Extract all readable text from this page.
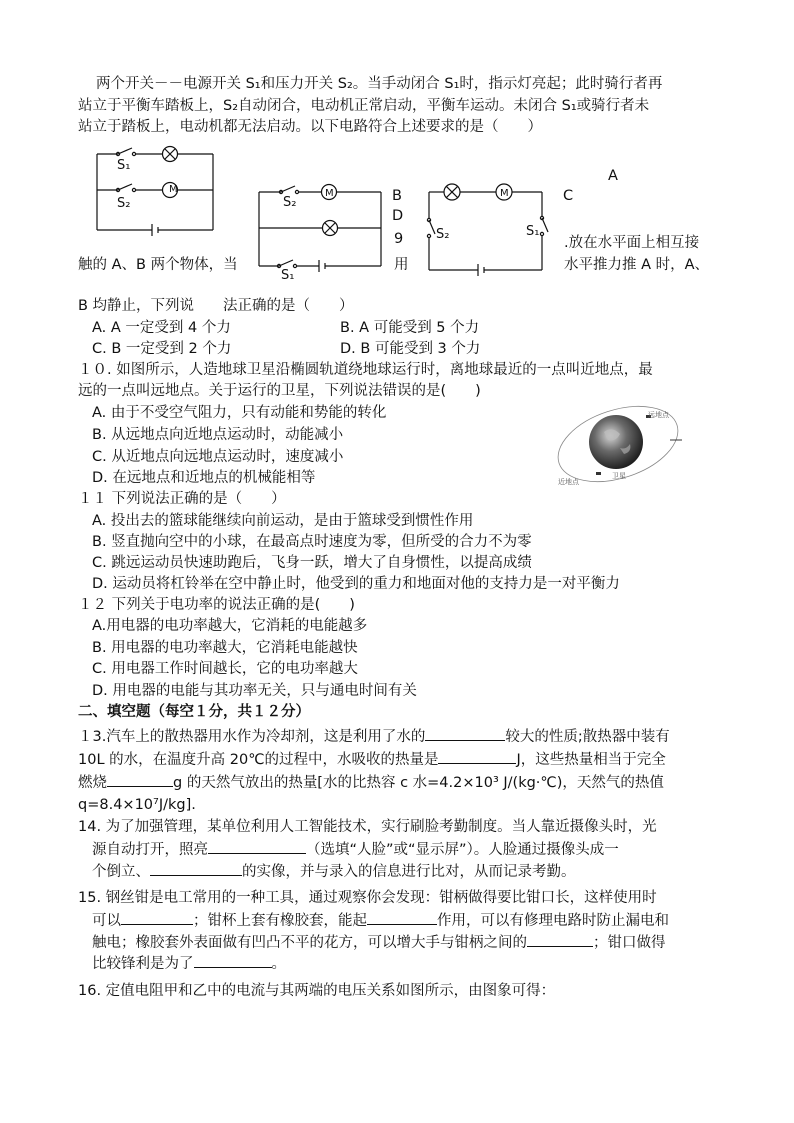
两个开关－－电源开关 S₁和压力开关 S₂。当手动闭合 S₁时，指示灯亮起；此时骑行者再
站立于平衡车踏板上，S₂自动闭合，电动机正常启动，平衡车运动。未闭合 S₁或骑行者未
站立于踏板上，电动机都无法启动。以下电路符合上述要求的是（　　）
M
S₁
S₂
M
S₂
S₁
B
D
9
M
S₂	S₁
C
A
.放在水平面上相互接
触的 A、B 两个物体，当	用	水平推力推 A 时，A、
B 均静止，下列说　　法正确的是（　　）
A. A 一定受到 4 个力	B. A 可能受到 5 个力
C. B 一定受到 2 个力	D. B 可能受到 3 个力
１０. 如图所示，人造地球卫星沿椭圆轨道绕地球运行时，离地球最近的一点叫近地点，最
远的一点叫远地点。关于运行的卫星，下列说法错误的是(　　)
A. 由于不受空气阻力，只有动能和势能的转化
B. 从远地点向近地点运动时，动能减小
C. 从近地点向远地点运动时，速度减小
D. 在远地点和近地点的机械能相等
远地点
近地点
卫星
１１ 下列说法正确的是（　　）
A. 投出去的篮球能继续向前运动，是由于篮球受到惯性作用
B. 竖直抛向空中的小球，在最高点时速度为零，但所受的合力不为零
C. 跳远运动员快速助跑后，飞身一跃，增大了自身惯性，以提高成绩
D. 运动员将杠铃举在空中静止时，他受到的重力和地面对他的支持力是一对平衡力
１２ 下列关于电功率的说法正确的是(　　)
A.用电器的电功率越大，它消耗的电能越多
B. 用电器的电功率越大，它消耗电能越快
C. 用电器工作时间越长，它的电功率越大
D. 用电器的电能与其功率无关，只与通电时间有关
二、填空题（每空１分，共１２分）
１3.汽车上的散热器用水作为冷却剂，这是利用了水的	较大的性质;散热器中装有
10L 的水，在温度升高 20℃的过程中，水吸收的热量是	J，这些热量相当于完全
燃烧	g 的天然气放出的热量[水的比热容 c 水=4.2×10³ J/(kg·℃)，天然气的热值
q=8.4×10⁷J/kg].
14. 为了加强管理，某单位利用人工智能技术，实行刷脸考勤制度。当人靠近摄像头时，光
源自动打开，照亮	（选填“人脸”或“显示屏”）。人脸通过摄像头成一
个倒立、	的实像，并与录入的信息进行比对，从而记录考勤。
15. 钢丝钳是电工常用的一种工具，通过观察你会发现：钳柄做得要比钳口长，这样使用时
可以	；钳杯上套有橡胶套，能起	作用，可以有修理电路时防止漏电和
触电；橡胶套外表面做有凹凸不平的花方，可以增大手与钳柄之间的	；钳口做得
比较锋利是为了	。
16. 定值电阻甲和乙中的电流与其两端的电压关系如图所示，由图象可得：
